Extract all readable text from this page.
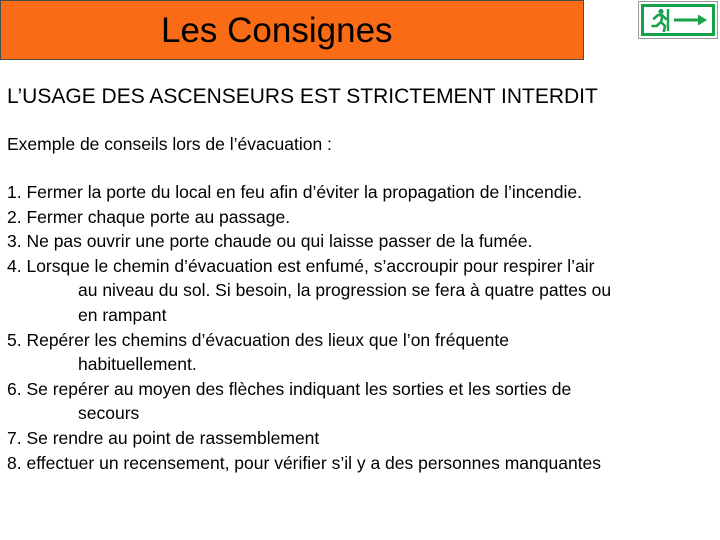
Les Consignes
L’USAGE DES ASCENSEURS EST STRICTEMENT INTERDIT
Exemple de conseils lors de l’évacuation :
1. Fermer la porte du local en feu afin d’éviter la propagation de l’incendie.
2. Fermer chaque porte au passage.
3. Ne pas ouvrir une porte chaude ou qui laisse passer de la fumée.
4. Lorsque le chemin d’évacuation est enfumé, s’accroupir pour respirer l’air
au niveau du sol. Si besoin, la progression se fera à quatre pattes ou
en rampant
5. Repérer les chemins d’évacuation des lieux que l’on fréquente
habituellement.
6. Se repérer au moyen des flèches indiquant les sorties et les sorties de
secours
7. Se rendre au point de rassemblement
8. effectuer un recensement, pour vérifier s’il y a des personnes manquantes
